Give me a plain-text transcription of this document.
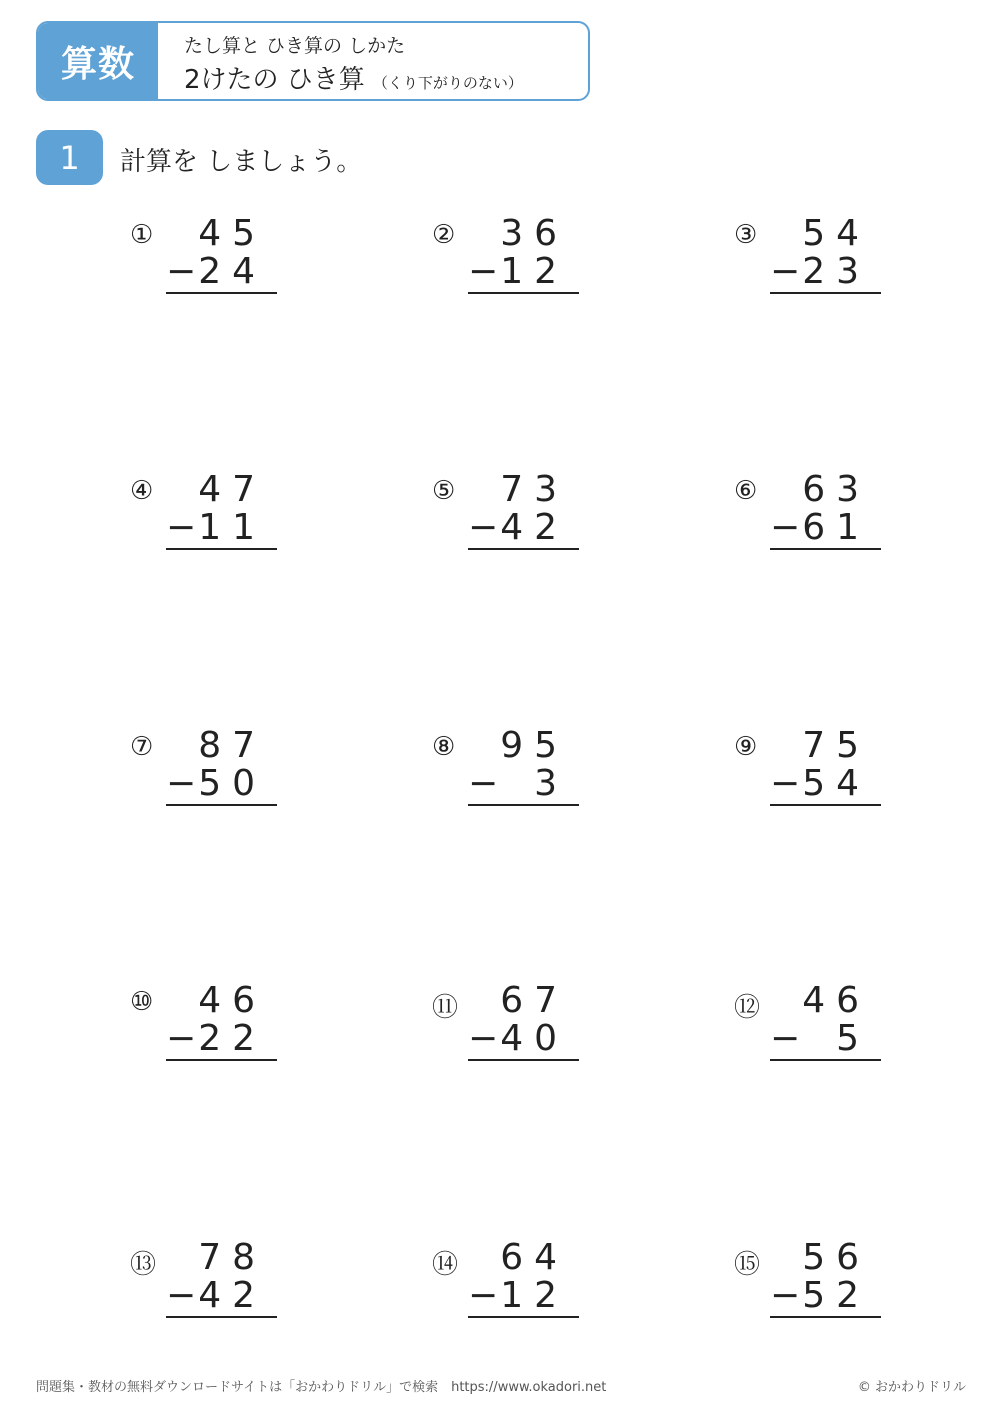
算数	たし算と ひき算の しかた
2けたの ひき算 （くり下がりのない）
1	計算を しましょう。
① 45
− 24
② 36
− 12
③ 54
− 23
④ 47
− 11
⑤ 73
− 42
⑥ 63
− 61
⑦ 87
− 50
⑧ 95
− 3
⑨ 75
− 54
⑩ 46
− 22
⑪ 67
− 40
⑫ 46
− 5
⑬ 78
− 42
⑭ 64
− 12
⑮ 56
− 52
問題集・教材の無料ダウンロードサイトは「おかわりドリル」で検索　https://www.okadori.net	© おかわりドリル
